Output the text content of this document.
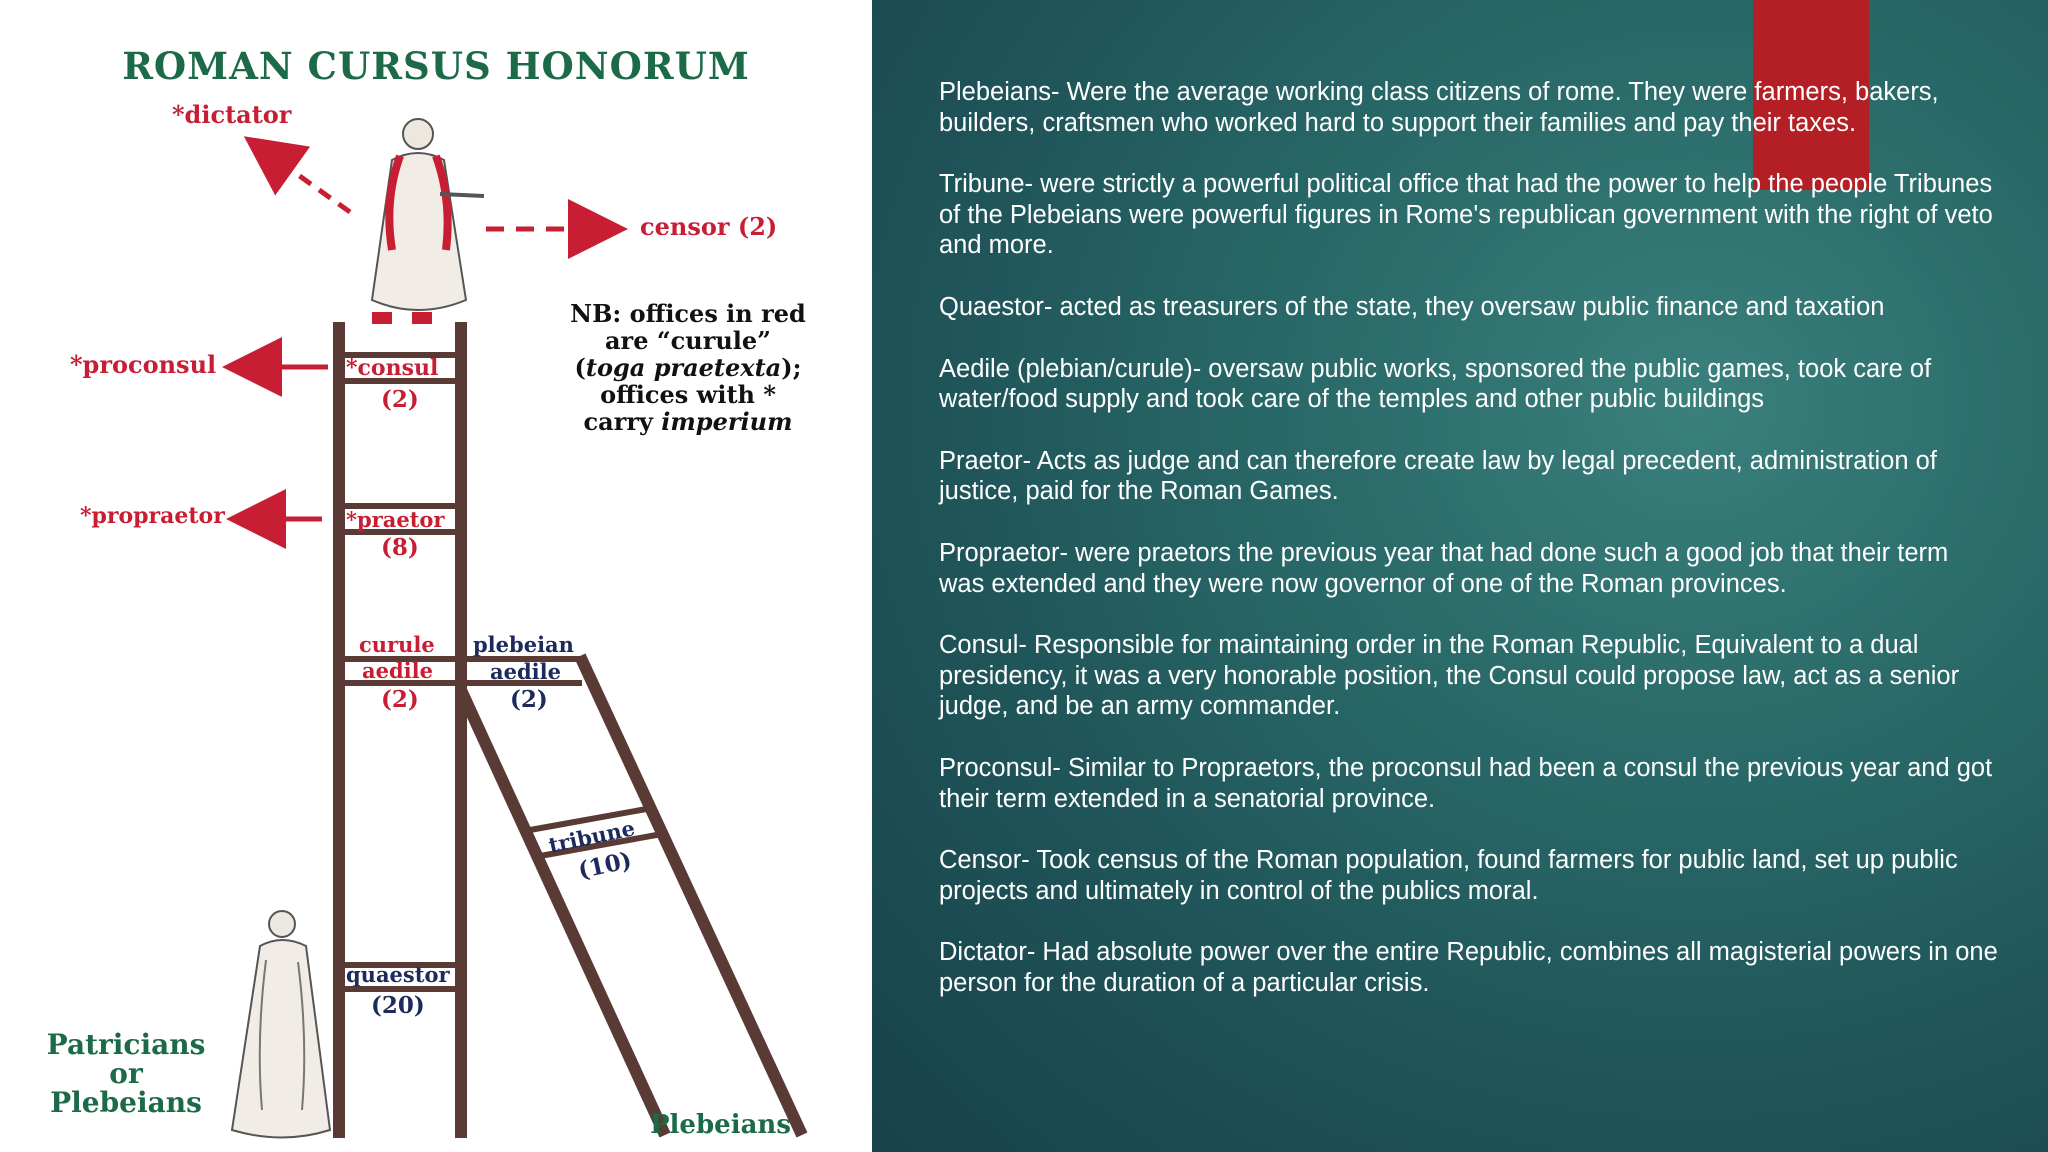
ROMAN CURSUS HONORUM
*dictator
censor (2)
*proconsul	*consul
(2)
*propraetor	*praetor
(8)
curule
aedile
(2)
plebeian
aedile
(2)
tribune
(10)
quaestor
(20)
Patricians
or
Plebeians
Plebeians
NB: offices in red
are “curule”
(toga praetexta);
offices with *
carry imperium

Plebeians- Were the average working class citizens of rome. They were farmers, bakers, builders, craftsmen who worked hard to support their families and pay their taxes.

Tribune- were strictly a powerful political office that had the power to help the people Tribunes of the Plebeians were powerful figures in Rome's republican government with the right of veto and more.

Quaestor- acted as treasurers of the state, they oversaw public finance and taxation

Aedile (plebian/curule)- oversaw public works, sponsored the public games, took care of water/food supply and took care of the temples and other public buildings

Praetor- Acts as judge and can therefore create law by legal precedent, administration of justice, paid for the Roman Games.

Propraetor- were praetors the previous year that had done such a good job that their term was extended and they were now governor of one of the Roman provinces.

Consul- Responsible for maintaining order in the Roman Republic, Equivalent to a dual presidency, it was a very honorable position, the Consul could propose law, act as a senior judge, and be an army commander.

Proconsul- Similar to Propraetors, the proconsul had been a consul the previous year and got their term extended in a senatorial province.

Censor- Took census of the Roman population, found farmers for public land, set up public projects and ultimately in control of the publics moral.

Dictator- Had absolute power over the entire Republic, combines all magisterial powers in one person for the duration of a particular crisis.
